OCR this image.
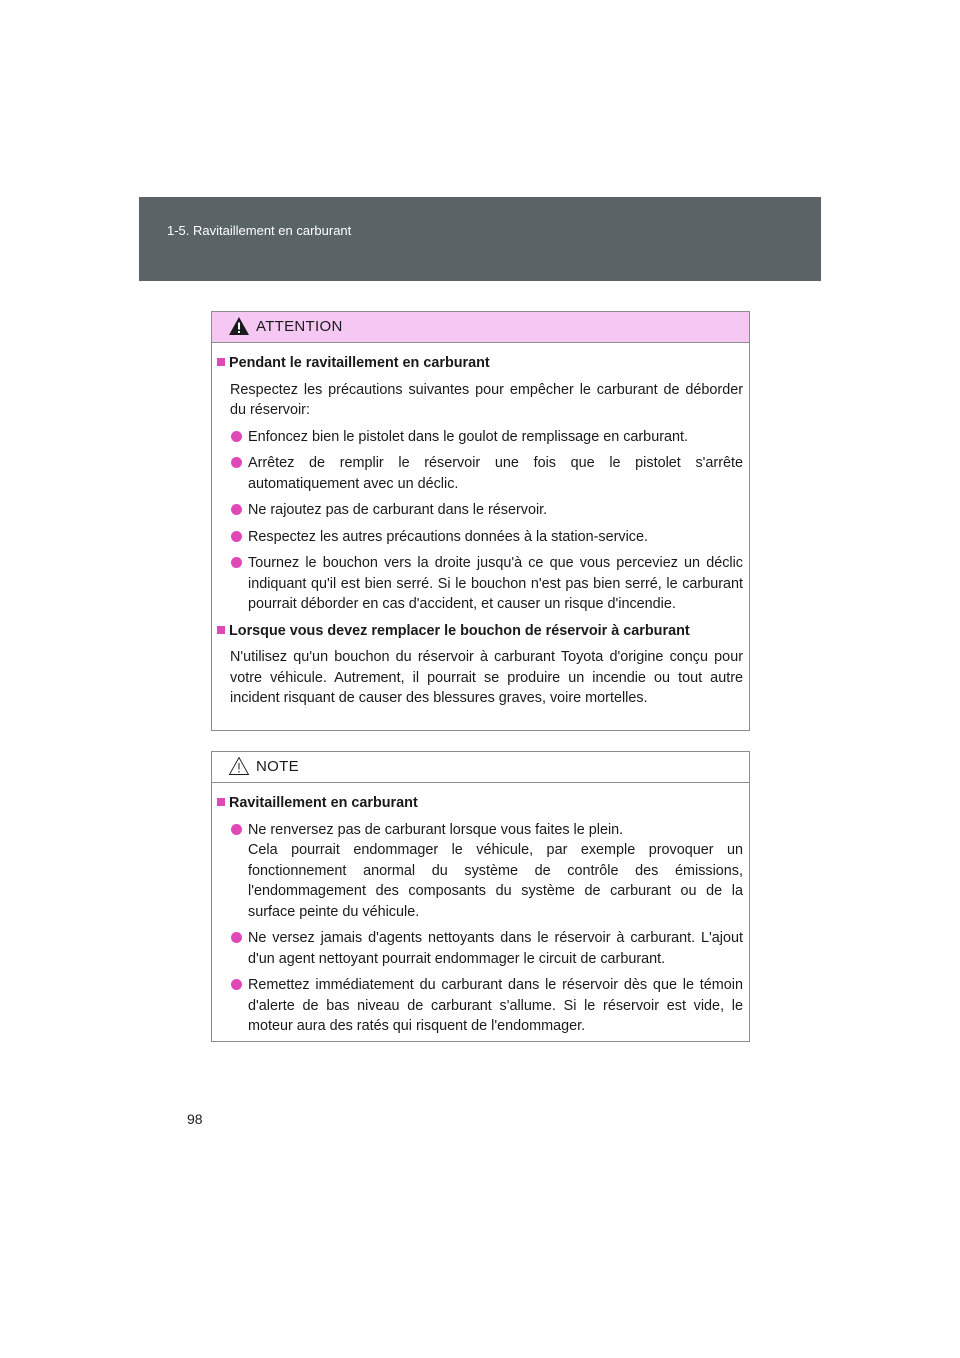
1-5. Ravitaillement en carburant
ATTENTION
Pendant le ravitaillement en carburant
Respectez les précautions suivantes pour empêcher le carburant de déborder du réservoir:
Enfoncez bien le pistolet dans le goulot de remplissage en carburant.
Arrêtez de remplir le réservoir une fois que le pistolet s'arrête automatiquement avec un déclic.
Ne rajoutez pas de carburant dans le réservoir.
Respectez les autres précautions données à la station-service.
Tournez le bouchon vers la droite jusqu'à ce que vous perceviez un déclic indiquant qu'il est bien serré. Si le bouchon n'est pas bien serré, le carburant pourrait déborder en cas d'accident, et causer un risque d'incendie.
Lorsque vous devez remplacer le bouchon de réservoir à carburant
N'utilisez qu'un bouchon du réservoir à carburant Toyota d'origine conçu pour votre véhicule. Autrement, il pourrait se produire un incendie ou tout autre incident risquant de causer des blessures graves, voire mortelles.
NOTE
Ravitaillement en carburant
Ne renversez pas de carburant lorsque vous faites le plein.
Cela pourrait endommager le véhicule, par exemple provoquer un fonctionnement anormal du système de contrôle des émissions, l'endommagement des composants du système de carburant ou de la surface peinte du véhicule.
Ne versez jamais d'agents nettoyants dans le réservoir à carburant. L'ajout d'un agent nettoyant pourrait endommager le circuit de carburant.
Remettez immédiatement du carburant dans le réservoir dès que le témoin d'alerte de bas niveau de carburant s'allume. Si le réservoir est vide, le moteur aura des ratés qui risquent de l'endommager.
98
